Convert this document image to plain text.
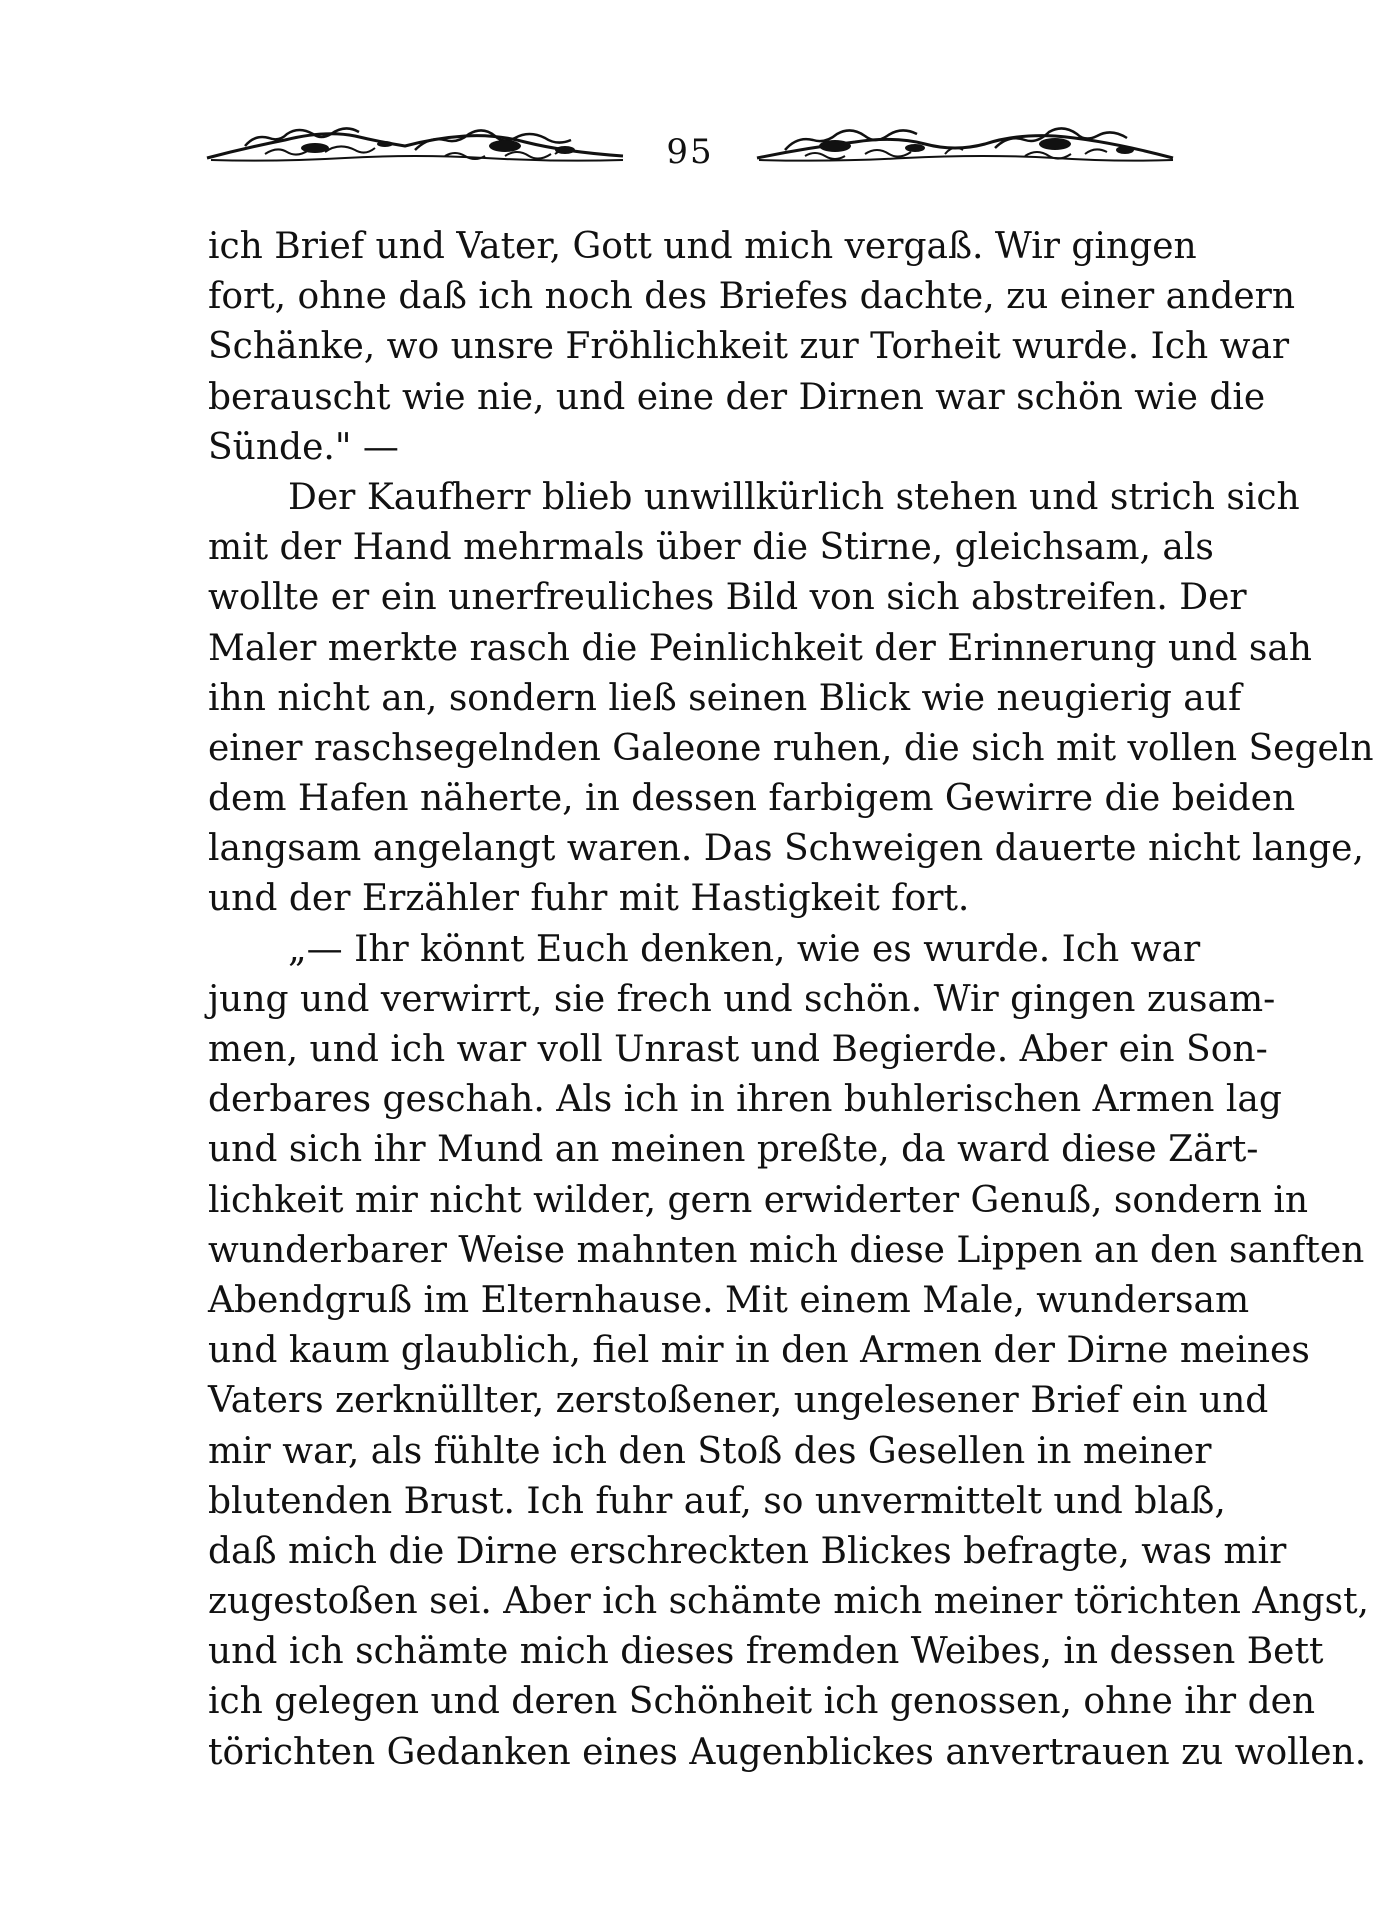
95
ich Brief und Vater, Gott und mich vergaß. Wir gingen
fort, ohne daß ich noch des Briefes dachte, zu einer andern
Schänke, wo unsre Fröhlichkeit zur Torheit wurde. Ich war
berauscht wie nie, und eine der Dirnen war schön wie die
Sünde." —
Der Kaufherr blieb unwillkürlich stehen und strich sich
mit der Hand mehrmals über die Stirne, gleichsam, als
wollte er ein unerfreuliches Bild von sich abstreifen. Der
Maler merkte rasch die Peinlichkeit der Erinnerung und sah
ihn nicht an, sondern ließ seinen Blick wie neugierig auf
einer raschsegelnden Galeone ruhen, die sich mit vollen Segeln
dem Hafen näherte, in dessen farbigem Gewirre die beiden
langsam angelangt waren. Das Schweigen dauerte nicht lange,
und der Erzähler fuhr mit Hastigkeit fort.
„— Ihr könnt Euch denken, wie es wurde. Ich war
jung und verwirrt, sie frech und schön. Wir gingen zusam-
men, und ich war voll Unrast und Begierde. Aber ein Son-
derbares geschah. Als ich in ihren buhlerischen Armen lag
und sich ihr Mund an meinen preßte, da ward diese Zärt-
lichkeit mir nicht wilder, gern erwiderter Genuß, sondern in
wunderbarer Weise mahnten mich diese Lippen an den sanften
Abendgruß im Elternhause. Mit einem Male, wundersam
und kaum glaublich, fiel mir in den Armen der Dirne meines
Vaters zerknüllter, zerstoßener, ungelesener Brief ein und
mir war, als fühlte ich den Stoß des Gesellen in meiner
blutenden Brust. Ich fuhr auf, so unvermittelt und blaß,
daß mich die Dirne erschreckten Blickes befragte, was mir
zugestoßen sei. Aber ich schämte mich meiner törichten Angst,
und ich schämte mich dieses fremden Weibes, in dessen Bett
ich gelegen und deren Schönheit ich genossen, ohne ihr den
törichten Gedanken eines Augenblickes anvertrauen zu wollen.
